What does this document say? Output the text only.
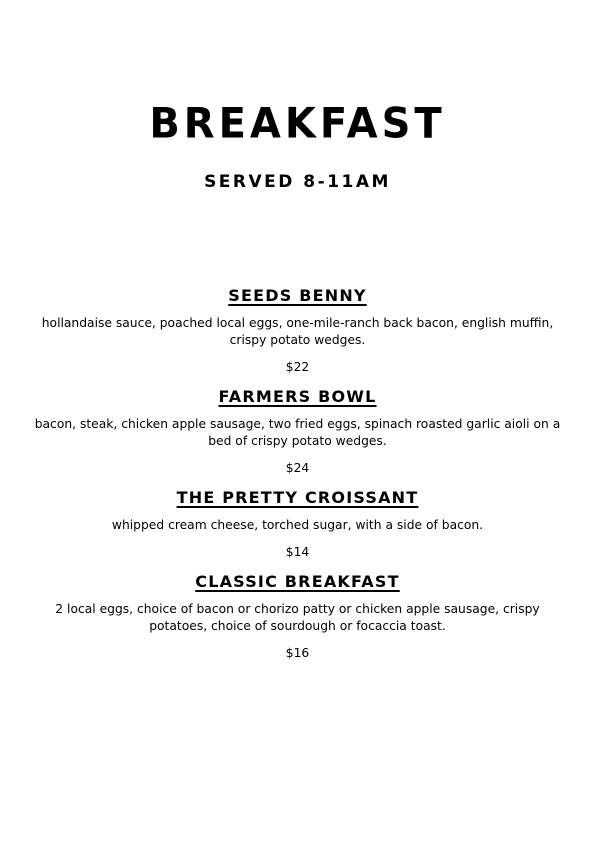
BREAKFAST
SERVED 8-11AM
SEEDS BENNY

hollandaise sauce, poached local eggs, one-mile-ranch back bacon, english muffin, crispy potato wedges.

$22

FARMERS BOWL

bacon, steak, chicken apple sausage, two fried eggs, spinach roasted garlic aioli on a bed of crispy potato wedges.

$24

THE PRETTY CROISSANT

whipped cream cheese, torched sugar, with a side of bacon.

$14

CLASSIC BREAKFAST

2 local eggs, choice of bacon or chorizo patty or chicken apple sausage, crispy potatoes, choice of sourdough or focaccia toast.

$16
